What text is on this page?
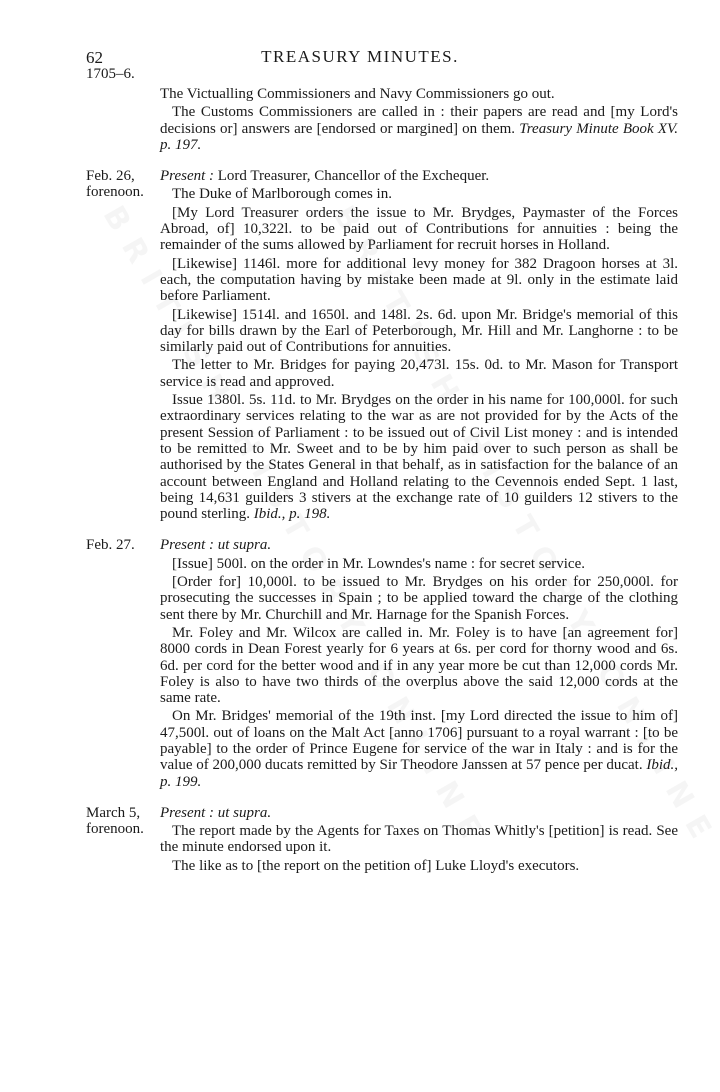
62	TREASURY MINUTES.
1705–6.

The Victualling Commissioners and Navy Commissioners go out.

The Customs Commissioners are called in : their papers are read and [my Lord's decisions or] answers are [endorsed or margined] on them. Treasury Minute Book XV. p. 197.

Feb. 26, forenoon.

Present : Lord Treasurer, Chancellor of the Exchequer.

The Duke of Marlborough comes in.

[My Lord Treasurer orders the issue to Mr. Brydges, Paymaster of the Forces Abroad, of] 10,322l. to be paid out of Contributions for annuities : being the remainder of the sums allowed by Parliament for recruit horses in Holland.

[Likewise] 1146l. more for additional levy money for 382 Dragoon horses at 3l. each, the computation having by mistake been made at 9l. only in the estimate laid before Parliament.

[Likewise] 1514l. and 1650l. and 148l. 2s. 6d. upon Mr. Bridge's memorial of this day for bills drawn by the Earl of Peterborough, Mr. Hill and Mr. Langhorne : to be similarly paid out of Contributions for annuities.

The letter to Mr. Bridges for paying 20,473l. 15s. 0d. to Mr. Mason for Transport service is read and approved.

Issue 1380l. 5s. 11d. to Mr. Brydges on the order in his name for 100,000l. for such extraordinary services relating to the war as are not provided for by the Acts of the present Session of Parliament : to be issued out of Civil List money : and is intended to be remitted to Mr. Sweet and to be by him paid over to such person as shall be authorised by the States General in that behalf, as in satisfaction for the balance of an account between England and Holland relating to the Cevennois ended Sept. 1 last, being 14,631 guilders 3 stivers at the exchange rate of 10 guilders 12 stivers to the pound sterling. Ibid., p. 198.

Feb. 27.	Present : ut supra.

[Issue] 500l. on the order in Mr. Lowndes's name : for secret service.

[Order for] 10,000l. to be issued to Mr. Brydges on his order for 250,000l. for prosecuting the successes in Spain ; to be applied toward the charge of the clothing sent there by Mr. Churchill and Mr. Harnage for the Spanish Forces.

Mr. Foley and Mr. Wilcox are called in. Mr. Foley is to have [an agreement for] 8000 cords in Dean Forest yearly for 6 years at 6s. per cord for thorny wood and 6s. 6d. per cord for the better wood and if in any year more be cut than 12,000 cords Mr. Foley is also to have two thirds of the overplus above the said 12,000 cords at the same rate.

On Mr. Bridges' memorial of the 19th inst. [my Lord directed the issue to him of] 47,500l. out of loans on the Malt Act [anno 1706] pursuant to a royal warrant : [to be payable] to the order of Prince Eugene for service of the war in Italy : and is for the value of 200,000 ducats remitted by Sir Theodore Janssen at 57 pence per ducat. Ibid., p. 199.

March 5, forenoon.

Present : ut supra.

The report made by the Agents for Taxes on Thomas Whitly's [petition] is read. See the minute endorsed upon it.

The like as to [the report on the petition of] Luke Lloyd's executors.
